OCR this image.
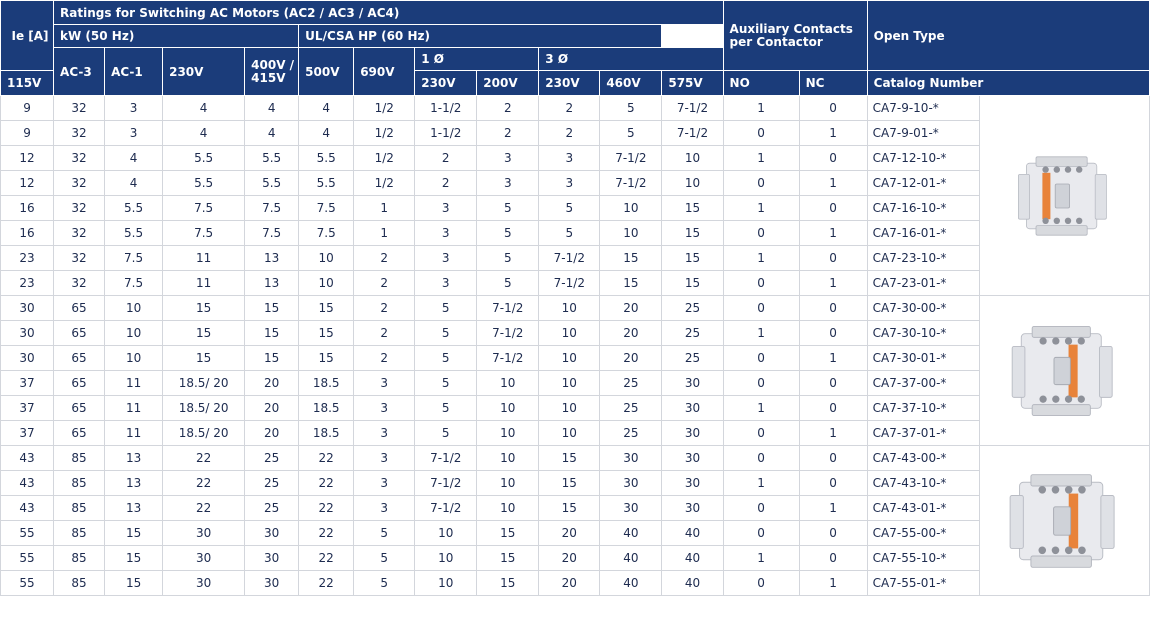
Ie [A]	Ratings for Switching AC Motors (AC2 / AC3 / AC4)											Auxiliary Contacts per Contactor		Open Type	
	kW (50 Hz)				UL/CSA HP (60 Hz)										
	AC-3	AC-1	230V	400V / 415V	500V	690V	1 Ø		3 Ø						
115V							230V	200V	230V	460V	575V	NO	NC	Catalog Number	
9	32	3	4	4	4	1/2	1-1/2	2	2	5	7-1/2	1	0	CA7-9-10-*	

9	32	3	4	4	4	1/2	1-1/2	2	2	5	7-1/2	0	1	CA7-9-01-*	
12	32	4	5.5	5.5	5.5	1/2	2	3	3	7-1/2	10	1	0	CA7-12-10-*	
12	32	4	5.5	5.5	5.5	1/2	2	3	3	7-1/2	10	0	1	CA7-12-01-*	
16	32	5.5	7.5	7.5	7.5	1	3	5	5	10	15	1	0	CA7-16-10-*	
16	32	5.5	7.5	7.5	7.5	1	3	5	5	10	15	0	1	CA7-16-01-*	
23	32	7.5	11	13	10	2	3	5	7-1/2	15	15	1	0	CA7-23-10-*	
23	32	7.5	11	13	10	2	3	5	7-1/2	15	15	0	1	CA7-23-01-*	
30	65	10	15	15	15	2	5	7-1/2	10	20	25	0	0	CA7-30-00-*	

30	65	10	15	15	15	2	5	7-1/2	10	20	25	1	0	CA7-30-10-*	
30	65	10	15	15	15	2	5	7-1/2	10	20	25	0	1	CA7-30-01-*	
37	65	11	18.5/ 20	20	18.5	3	5	10	10	25	30	0	0	CA7-37-00-*	
37	65	11	18.5/ 20	20	18.5	3	5	10	10	25	30	1	0	CA7-37-10-*	
37	65	11	18.5/ 20	20	18.5	3	5	10	10	25	30	0	1	CA7-37-01-*	
43	85	13	22	25	22	3	7-1/2	10	15	30	30	0	0	CA7-43-00-*	

43	85	13	22	25	22	3	7-1/2	10	15	30	30	1	0	CA7-43-10-*	
43	85	13	22	25	22	3	7-1/2	10	15	30	30	0	1	CA7-43-01-*	
55	85	15	30	30	22	5	10	15	20	40	40	0	0	CA7-55-00-*	
55	85	15	30	30	22	5	10	15	20	40	40	1	0	CA7-55-10-*	
55	85	15	30	30	22	5	10	15	20	40	40	0	1	CA7-55-01-*	
